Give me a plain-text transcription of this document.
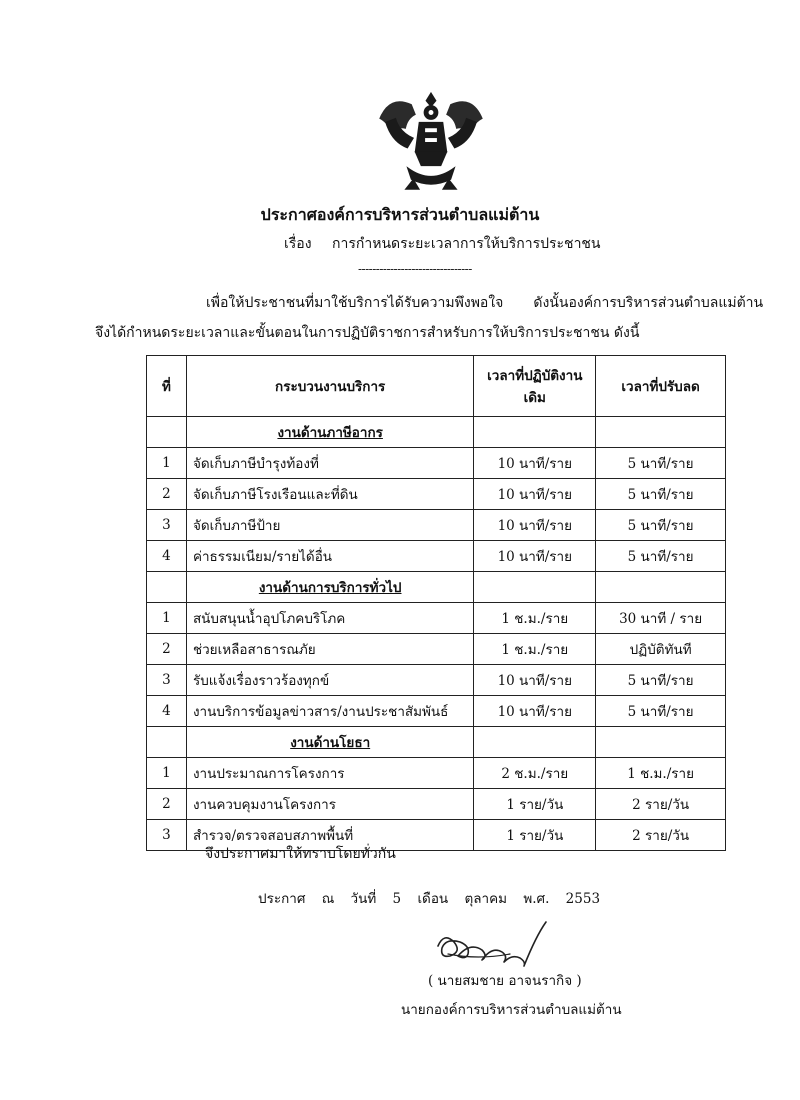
ประกาศองค์การบริหารส่วนตำบลแม่ต้าน
เรื่อง การกำหนดระยะเวลาการให้บริการประชาชน
--------------------------------
เพื่อให้ประชาชนที่มาใช้บริการได้รับความพึงพอใจ ดังนั้นองค์การบริหารส่วนตำบลแม่ต้าน
จึงได้กำหนดระยะเวลาและขั้นตอนในการปฏิบัติราชการสำหรับการให้บริการประชาชน ดังนี้
ที่	กระบวนงานบริการ	เวลาที่ปฏิบัติงานเดิม	เวลาที่ปรับลด
	งานด้านภาษีอากร		
1	จัดเก็บภาษีบำรุงท้องที่	10 นาที/ราย	5 นาที/ราย
2	จัดเก็บภาษีโรงเรือนและที่ดิน	10 นาที/ราย	5 นาที/ราย
3	จัดเก็บภาษีป้าย	10 นาที/ราย	5 นาที/ราย
4	ค่าธรรมเนียม/รายได้อื่น	10 นาที/ราย	5 นาที/ราย
	งานด้านการบริการทั่วไป		
1	สนับสนุนน้ำอุปโภคบริโภค	1 ช.ม./ราย	30 นาที / ราย
2	ช่วยเหลือสาธารณภัย	1 ช.ม./ราย	ปฏิบัติทันที
3	รับแจ้งเรื่องราวร้องทุกข์	10 นาที/ราย	5 นาที/ราย
4	งานบริการข้อมูลข่าวสาร/งานประชาสัมพันธ์	10 นาที/ราย	5 นาที/ราย
	งานด้านโยธา		
1	งานประมาณการโครงการ	2 ช.ม./ราย	1 ช.ม./ราย
2	งานควบคุมงานโครงการ	1 ราย/วัน	2 ราย/วัน
3	สำรวจ/ตรวจสอบสภาพพื้นที่	1 ราย/วัน	2 ราย/วัน
จึงประกาศมาให้ทราบโดยทั่วกัน
ประกาศ ณ วันที่ 5 เดือน ตุลาคม พ.ศ. 2553
( นายสมชาย อาจนรากิจ )
นายกองค์การบริหารส่วนตำบลแม่ต้าน
